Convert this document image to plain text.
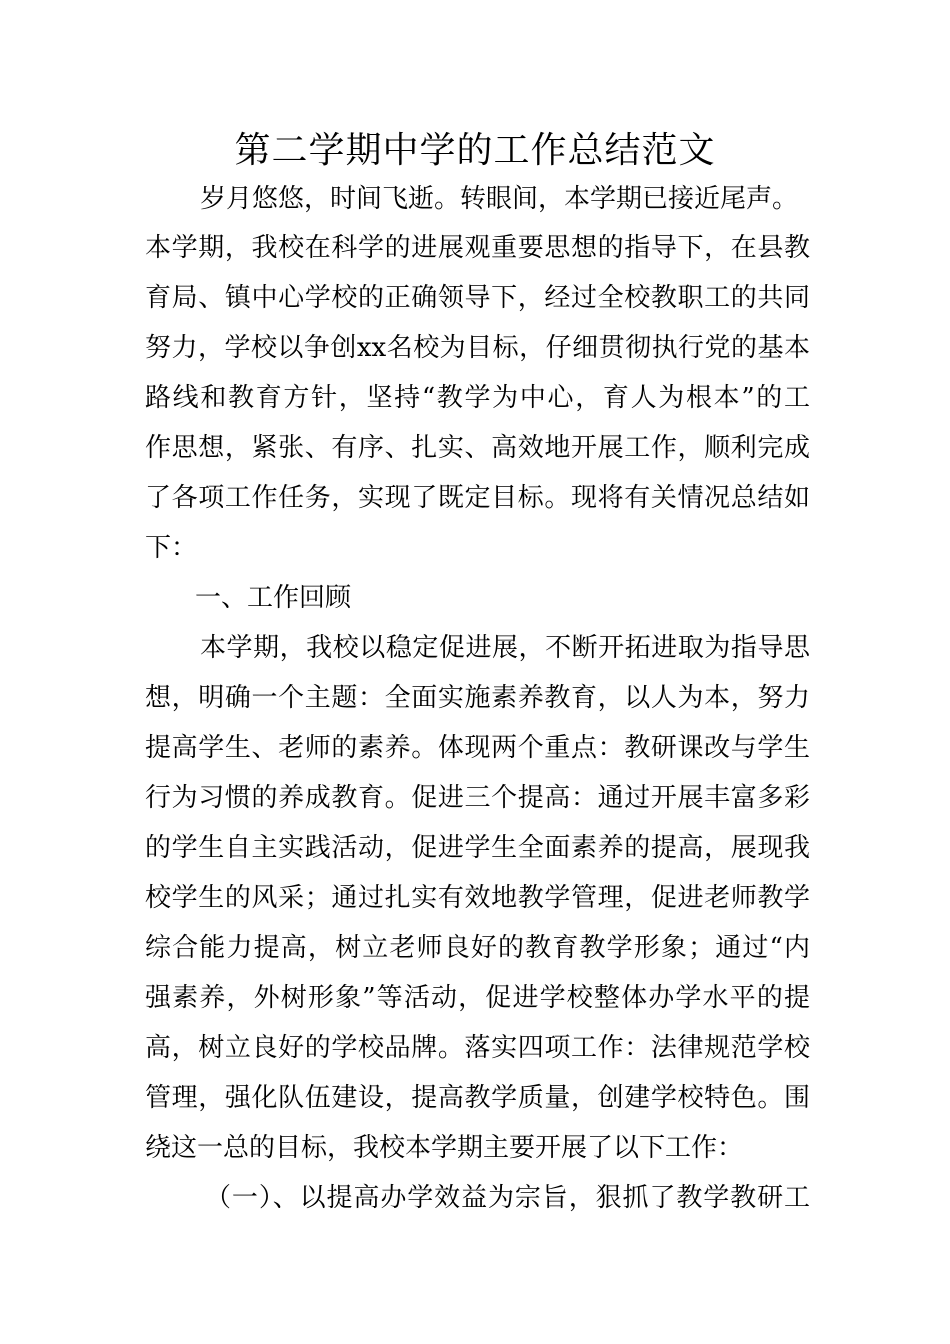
第二学期中学的工作总结范文

岁月悠悠，时间飞逝。转眼间，本学期已接近尾声。

本学期，我校在科学的进展观重要思想的指导下，在县教

育局、镇中心学校的正确领导下，经过全校教职工的共同

努力，学校以争创xx名校为目标，仔细贯彻执行党的基本

路线和教育方针，坚持“教学为中心，育人为根本”的工

作思想，紧张、有序、扎实、高效地开展工作，顺利完成

了各项工作任务，实现了既定目标。现将有关情况总结如

下：

一、工作回顾

本学期，我校以稳定促进展，不断开拓进取为指导思

想，明确一个主题：全面实施素养教育，以人为本，努力

提高学生、老师的素养。体现两个重点：教研课改与学生

行为习惯的养成教育。促进三个提高：通过开展丰富多彩

的学生自主实践活动，促进学生全面素养的提高，展现我

校学生的风采；通过扎实有效地教学管理，促进老师教学

综合能力提高，树立老师良好的教育教学形象；通过“内

强素养，外树形象”等活动，促进学校整体办学水平的提

高，树立良好的学校品牌。落实四项工作：法律规范学校

管理，强化队伍建设，提高教学质量，创建学校特色。围

绕这一总的目标，我校本学期主要开展了以下工作：

（一）、以提高办学效益为宗旨，狠抓了教学教研工
